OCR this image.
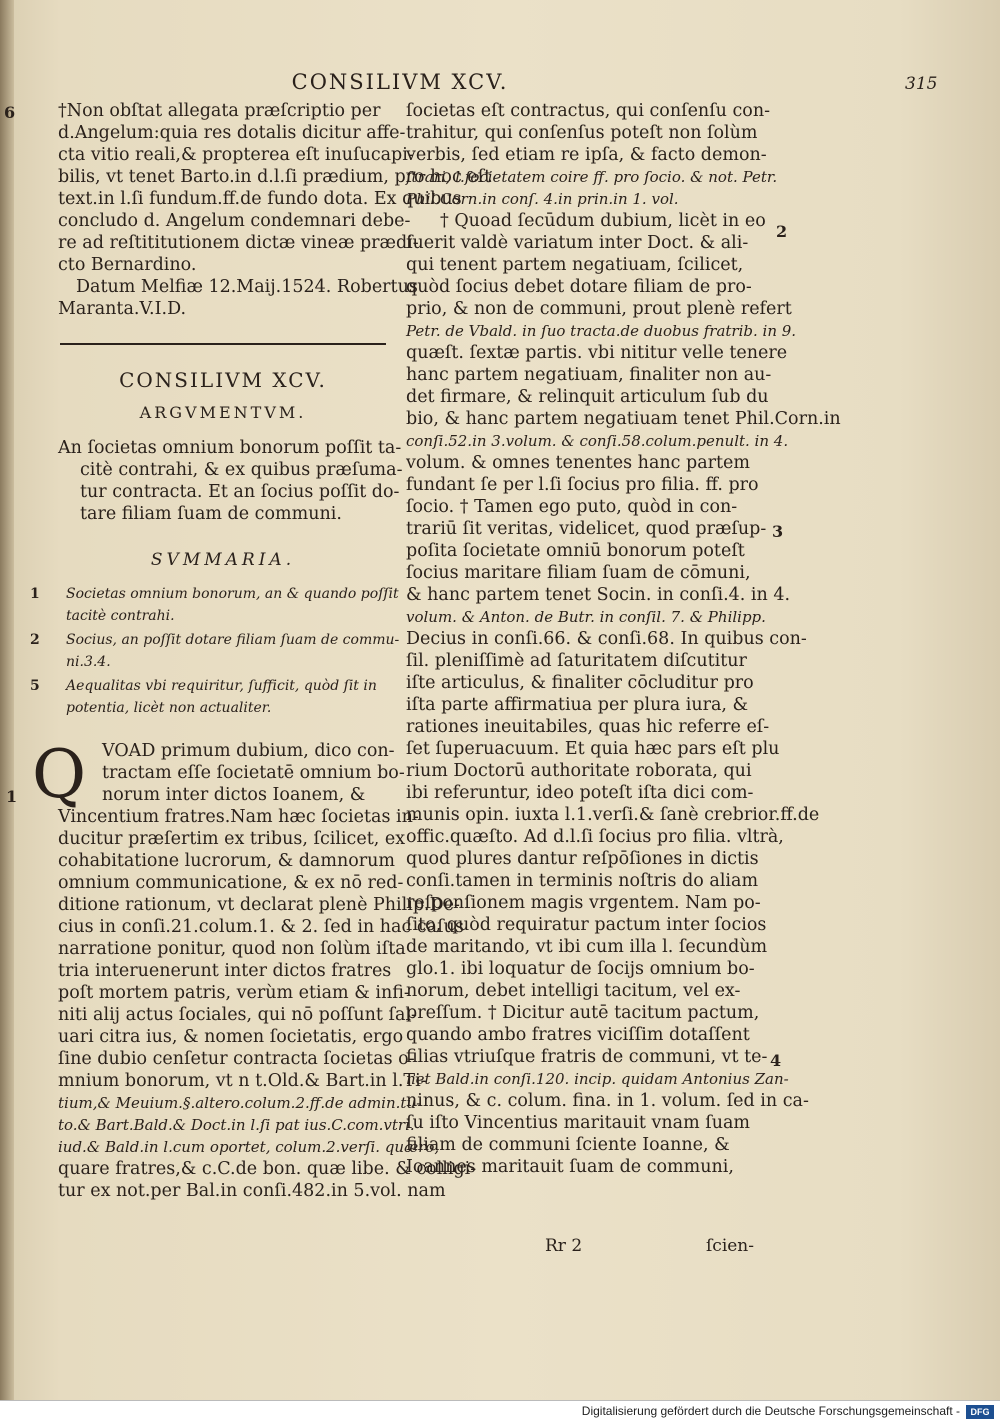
CONSILIVM XCV.	315
6
1
2
3
4
†Non obſtat allegata præſcriptio per
d.Angelum:quia res dotalis dicitur affe-
cta vitio reali,& propterea eſt inuſucapi-
bilis, vt tenet Barto.in d.l.ſi prædium, pro hoc eſt
text.in l.ſi fundum.ff.de fundo dota. Ex quibus
concludo d. Angelum condemnari debe-
re ad reſtititutionem dictæ vineæ prædi-
cto Bernardino.
Datum Melfiæ 12.Maij.1524. Robertus
Maranta.V.I.D.
CONSILIVM XCV.
ARGVMENTVM.
An ſocietas omnium bonorum poſſit ta-
citè contrahi, & ex quibus præſuma-
tur contracta. Et an ſocius poſſit do-
tare filiam ſuam de communi.
SVMMARIA.
1	Societas omnium bonorum, an & quando poſſit
tacitè contrahi.
2	Socius, an poſſit dotare filiam ſuam de commu-
ni.3.4.
5	Aequalitas vbi requiritur, ſufficit, quòd ſit in
potentia, licèt non actualiter.
Q VOAD primum dubium, dico con-
tractam eſſe ſocietatē omnium bo-
norum inter dictos Ioanem, &
Vincentium fratres.Nam hæc ſocietas in-
ducitur præſertim ex tribus, ſcilicet, ex
cohabitatione lucrorum, & damnorum
omnium communicatione, & ex nō red-
ditione rationum, vt declarat plenè Philip.De-
cius in conſi.21.colum.1. & 2. ſed in hac caſus
narratione ponitur, quod non ſolùm iſta
tria interuenerunt inter dictos fratres
poſt mortem patris, verùm etiam & infi-
niti alij actus ſociales, qui nō poſſunt ſal-
uari citra ius, & nomen ſocietatis, ergo
ſine dubio cenſetur contracta ſocietas o-
mnium bonorum, vt n t.Old.& Bart.in l.Ti-
tium,& Meuium.§.altero.colum.2.ff.de admin.tu-
to.& Bart.Bald.& Doct.in l.ſi pat ius.C.com.vtri.
iud.& Bald.in l.cum oportet, colum.2.verſi. quæro,
quare fratres,& c.C.de bon. quæ libe. & colligi-
tur ex not.per Bal.in conſi.482.in 5.vol. nam
ſocietas eſt contractus, qui conſenſu con-
trahitur, qui conſenſus poteſt non ſolùm
verbis, ſed etiam re ipſa, & facto demon-
ſtrari, l.ſocietatem coire ff. pro ſocio. & not. Petr.
Phil.Corn.in conſ. 4.in prin.in 1. vol.
† Quoad ſecūdum dubium, licèt in eo
fuerit valdè variatum inter Doct. & ali-
qui tenent partem negatiuam, ſcilicet,
quòd ſocius debet dotare filiam de pro-
prio, & non de communi, prout plenè refert
Petr. de Vbald. in ſuo tracta.de duobus fratrib. in 9.
quæſt. ſextæ partis. vbi nititur velle tenere
hanc partem negatiuam, finaliter non au-
det firmare, & relinquit articulum ſub du
bio, & hanc partem negatiuam tenet Phil.Corn.in
conſi.52.in 3.volum. & conſi.58.colum.penult. in 4.
volum. & omnes tenentes hanc partem
fundant ſe per l.ſi ſocius pro filia. ff. pro
ſocio. † Tamen ego puto, quòd in con-
trariū ſit veritas, videlicet, quod præſup-
poſita ſocietate omniū bonorum poteſt
ſocius maritare filiam ſuam de cōmuni,
& hanc partem tenet Socin. in conſi.4. in 4.
volum. & Anton. de Butr. in conſil. 7. & Philipp.
Decius in conſi.66. & conſi.68. In quibus con-
ſil. pleniſſimè ad ſaturitatem diſcutitur
iſte articulus, & finaliter cōcluditur pro
iſta parte affirmatiua per plura iura, &
rationes ineuitabiles, quas hic referre eſ-
ſet ſuperuacuum. Et quia hæc pars eſt plu
rium Doctorū authoritate roborata, qui
ibi referuntur, ideo poteſt iſta dici com-
munis opin. iuxta l.1.verſi.& ſanè crebrior.ff.de
offic.quæſto. Ad d.l.ſi ſocius pro filia. vltrà,
quod plures dantur reſpōſiones in dictis
conſi.tamen in terminis noſtris do aliam
reſponſionem magis vrgentem. Nam po-
ſito, quòd requiratur pactum inter ſocios
de maritando, vt ibi cum illa l. ſecundùm
glo.1. ibi loquatur de ſocijs omnium bo-
norum, debet intelligi tacitum, vel ex-
preſſum. † Dicitur autē tacitum pactum,
quando ambo fratres viciſſim dotaſſent
filias vtriuſque fratris de communi, vt te-
net Bald.in conſi.120. incip. quidam Antonius Zan-
ninus, & c. colum. fina. in 1. volum. ſed in ca-
ſu iſto Vincentius maritauit vnam ſuam
filiam de communi ſciente Ioanne, &
Ioannes maritauit ſuam de communi,
Rr 2	ſcien-
Digitalisierung gefördert durch die Deutsche Forschungsgemeinschaft -	DFG
